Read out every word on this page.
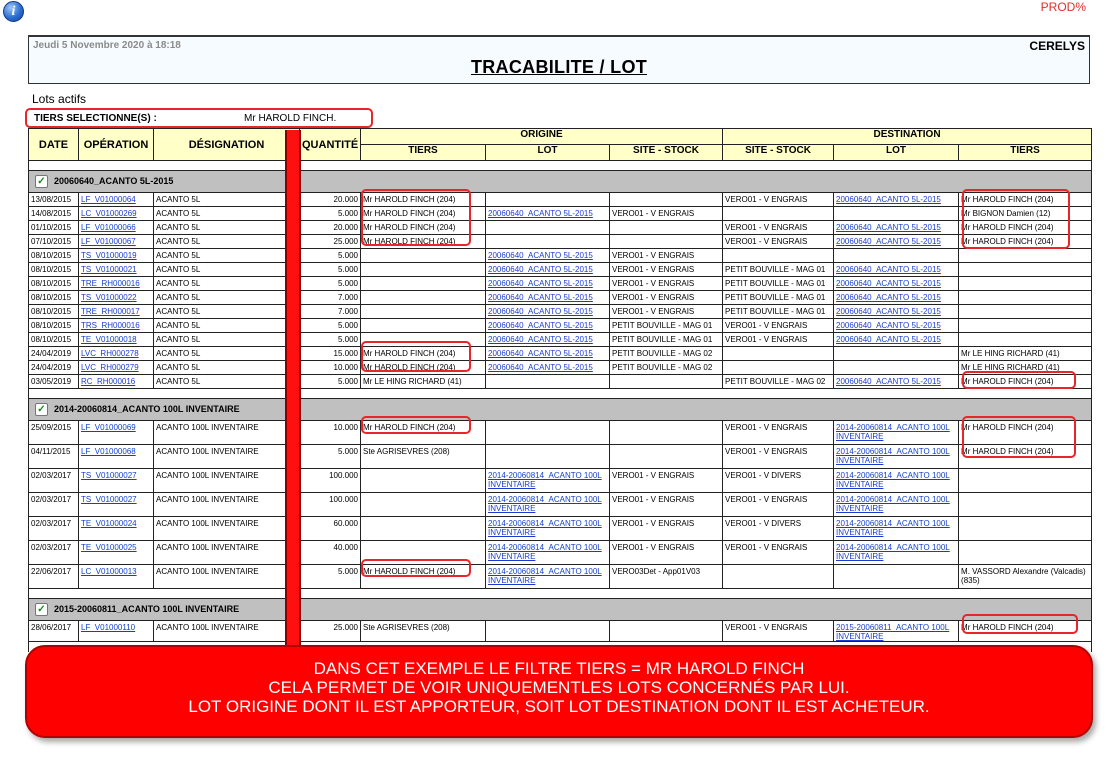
i	PROD%
Jeudi 5 Novembre 2020 à 18:18	CERELYS
TRACABILITE / LOT
Lots actifs
TIERS SELECTIONNE(S) :	Mr HAROLD FINCH.
DATE	OPÉRATION	DÉSIGNATION	QUANTITÉ	ORIGINE			DESTINATION		
				TIERS	LOT	SITE - STOCK	SITE - STOCK	LOT	TIERS

✓ 20060640_ACANTO 5L-2015									
13/08/2015	LF_V01000064	ACANTO 5L	20.000	Mr HAROLD FINCH (204)			VERO01 - V ENGRAIS	20060640_ACANTO 5L-2015	Mr HAROLD FINCH (204)
14/08/2015	LC_V01000269	ACANTO 5L	5.000	Mr HAROLD FINCH (204)	20060640_ACANTO 5L-2015	VERO01 - V ENGRAIS			Mr BIGNON Damien (12)
01/10/2015	LF_V01000066	ACANTO 5L	20.000	Mr HAROLD FINCH (204)			VERO01 - V ENGRAIS	20060640_ACANTO 5L-2015	Mr HAROLD FINCH (204)
07/10/2015	LF_V01000067	ACANTO 5L	25.000	Mr HAROLD FINCH (204)			VERO01 - V ENGRAIS	20060640_ACANTO 5L-2015	Mr HAROLD FINCH (204)
08/10/2015	TS_V01000019	ACANTO 5L	5.000		20060640_ACANTO 5L-2015	VERO01 - V ENGRAIS			
08/10/2015	TS_V01000021	ACANTO 5L	5.000		20060640_ACANTO 5L-2015	VERO01 - V ENGRAIS	PETIT BOUVILLE - MAG 01	20060640_ACANTO 5L-2015	
08/10/2015	TRE_RH000016	ACANTO 5L	5.000		20060640_ACANTO 5L-2015	VERO01 - V ENGRAIS	PETIT BOUVILLE - MAG 01	20060640_ACANTO 5L-2015	
08/10/2015	TS_V01000022	ACANTO 5L	7.000		20060640_ACANTO 5L-2015	VERO01 - V ENGRAIS	PETIT BOUVILLE - MAG 01	20060640_ACANTO 5L-2015	
08/10/2015	TRE_RH000017	ACANTO 5L	7.000		20060640_ACANTO 5L-2015	VERO01 - V ENGRAIS	PETIT BOUVILLE - MAG 01	20060640_ACANTO 5L-2015	
08/10/2015	TRS_RH000016	ACANTO 5L	5.000		20060640_ACANTO 5L-2015	PETIT BOUVILLE - MAG 01	VERO01 - V ENGRAIS	20060640_ACANTO 5L-2015	
08/10/2015	TE_V01000018	ACANTO 5L	5.000		20060640_ACANTO 5L-2015	PETIT BOUVILLE - MAG 01	VERO01 - V ENGRAIS	20060640_ACANTO 5L-2015	
24/04/2019	LVC_RH000278	ACANTO 5L	15.000	Mr HAROLD FINCH (204)	20060640_ACANTO 5L-2015	PETIT BOUVILLE - MAG 02			Mr LE HING RICHARD (41)
24/04/2019	LVC_RH000279	ACANTO 5L	10.000	Mr HAROLD FINCH (204)	20060640_ACANTO 5L-2015	PETIT BOUVILLE - MAG 02			Mr LE HING RICHARD (41)
03/05/2019	RC_RH000016	ACANTO 5L	5.000	Mr LE HING RICHARD (41)			PETIT BOUVILLE - MAG 02	20060640_ACANTO 5L-2015	Mr HAROLD FINCH (204)

✓ 2014-20060814_ACANTO 100L INVENTAIRE									
25/09/2015	LF_V01000069	ACANTO 100L INVENTAIRE	10.000	Mr HAROLD FINCH (204)			VERO01 - V ENGRAIS	2014-20060814_ACANTO 100L INVENTAIRE	Mr HAROLD FINCH (204)
04/11/2015	LF_V01000068	ACANTO 100L INVENTAIRE	5.000	Ste AGRISEVRES (208)			VERO01 - V ENGRAIS	2014-20060814_ACANTO 100L INVENTAIRE	Mr HAROLD FINCH (204)
02/03/2017	TS_V01000027	ACANTO 100L INVENTAIRE	100.000		2014-20060814_ACANTO 100L INVENTAIRE	VERO01 - V ENGRAIS	VERO01 - V DIVERS	2014-20060814_ACANTO 100L INVENTAIRE	
02/03/2017	TS_V01000027	ACANTO 100L INVENTAIRE	100.000		2014-20060814_ACANTO 100L INVENTAIRE	VERO01 - V ENGRAIS	VERO01 - V ENGRAIS	2014-20060814_ACANTO 100L INVENTAIRE	
02/03/2017	TE_V01000024	ACANTO 100L INVENTAIRE	60.000		2014-20060814_ACANTO 100L INVENTAIRE	VERO01 - V ENGRAIS	VERO01 - V DIVERS	2014-20060814_ACANTO 100L INVENTAIRE	
02/03/2017	TE_V01000025	ACANTO 100L INVENTAIRE	40.000		2014-20060814_ACANTO 100L INVENTAIRE	VERO01 - V ENGRAIS	VERO01 - V ENGRAIS	2014-20060814_ACANTO 100L INVENTAIRE	
22/06/2017	LC_V01000013	ACANTO 100L INVENTAIRE	5.000	Mr HAROLD FINCH (204)	2014-20060814_ACANTO 100L INVENTAIRE	VERO03Det - App01V03			M. VASSORD Alexandre (Valcadis) (835)

✓ 2015-20060811_ACANTO 100L INVENTAIRE									
28/06/2017	LF_V01000110	ACANTO 100L INVENTAIRE	25.000	Ste AGRISEVRES (208)			VERO01 - V ENGRAIS	2015-20060811_ACANTO 100L INVENTAIRE	Mr HAROLD FINCH (204)

DANS CET EXEMPLE LE FILTRE TIERS = MR HAROLD FINCH
CELA PERMET DE VOIR UNIQUEMENTLES LOTS CONCERNÉS PAR LUI.
LOT ORIGINE DONT IL EST APPORTEUR, SOIT LOT DESTINATION DONT IL EST ACHETEUR.
